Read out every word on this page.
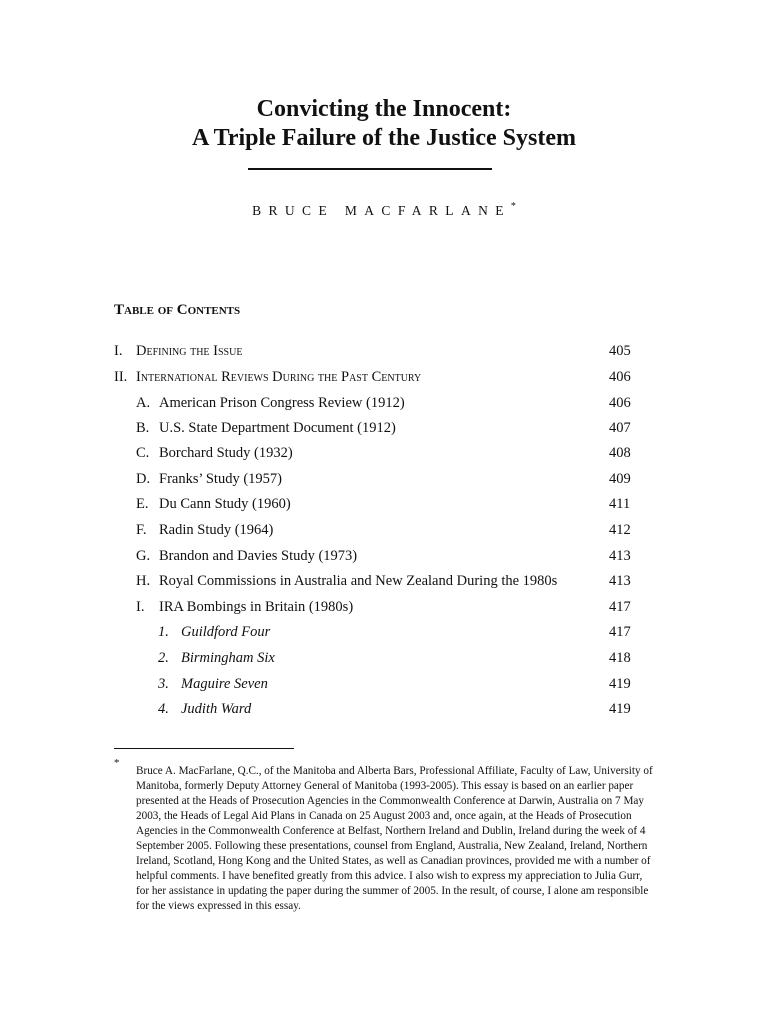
Convicting the Innocent:
A Triple Failure of the Justice System
BRUCE MACFARLANE*
Table of Contents
I. Defining the Issue	405
II. International Reviews During the Past Century	406
A. American Prison Congress Review (1912)	406
B. U.S. State Department Document (1912)	407
C. Borchard Study (1932)	408
D. Franks’ Study (1957)	409
E. Du Cann Study (1960)	411
F. Radin Study (1964)	412
G. Brandon and Davies Study (1973)	413
H. Royal Commissions in Australia and New Zealand During the 1980s	413
I. IRA Bombings in Britain (1980s)	417
1. Guildford Four	417
2. Birmingham Six	418
3. Maguire Seven	419
4. Judith Ward	419
*

Bruce A. MacFarlane, Q.C., of the Manitoba and Alberta Bars, Professional Affiliate, Faculty of Law, University of Manitoba, formerly Deputy Attorney General of Manitoba (1993-2005). This essay is based on an earlier paper presented at the Heads of Prosecution Agencies in the Commonwealth Conference at Darwin, Australia on 7 May 2003, the Heads of Legal Aid Plans in Canada on 25 August 2003 and, once again, at the Heads of Prosecution Agencies in the Commonwealth Conference at Belfast, Northern Ireland and Dublin, Ireland during the week of 4 September 2005. Following these presentations, counsel from England, Australia, New Zealand, Ireland, Northern Ireland, Scotland, Hong Kong and the United States, as well as Canadian provinces, provided me with a number of helpful comments. I have benefited greatly from this advice. I also wish to express my appreciation to Julia Gurr, for her assistance in updating the paper during the summer of 2005. In the result, of course, I alone am responsible for the views expressed in this essay.
